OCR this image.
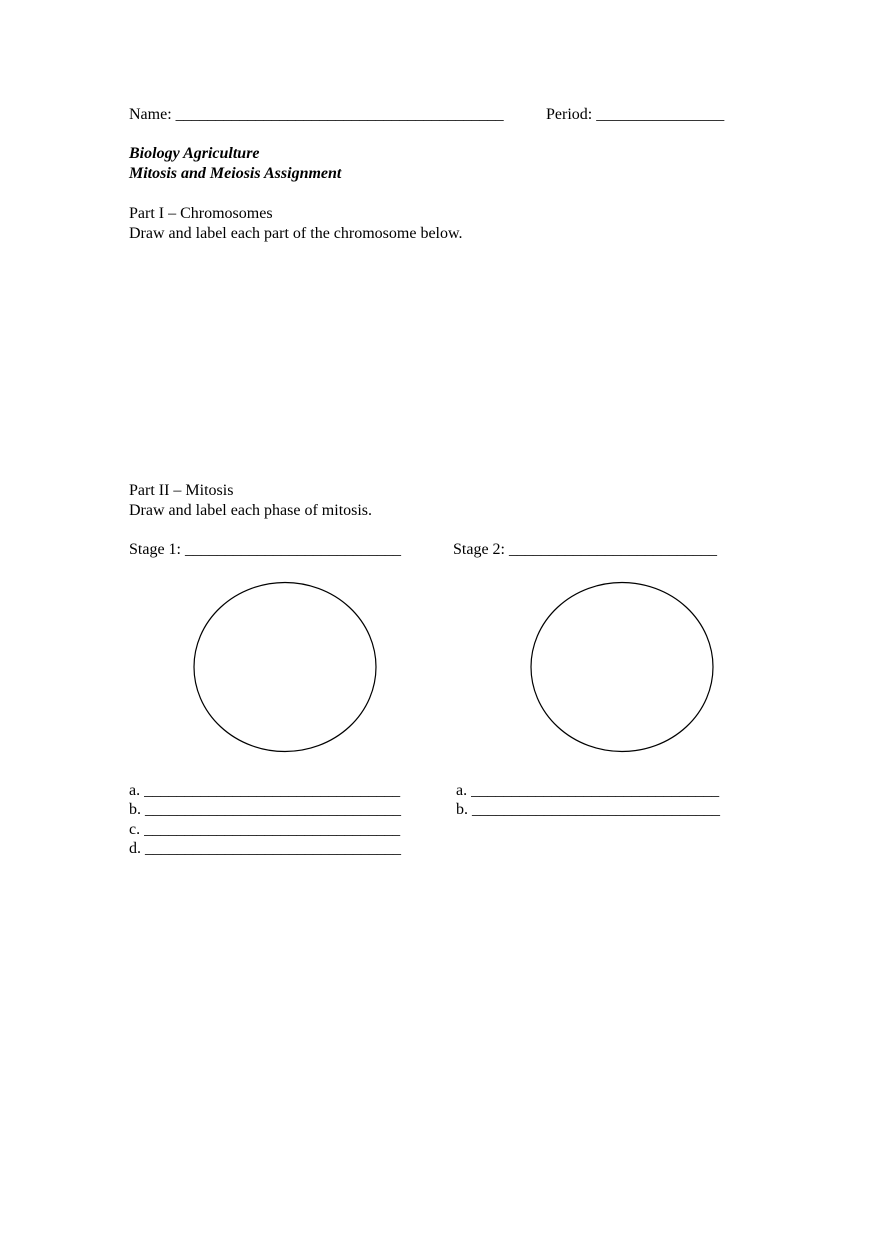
Name: _________________________________________	Period: ________________
Biology Agriculture
Mitosis and Meiosis Assignment
Part I – Chromosomes
Draw and label each part of the chromosome below.
Part II – Mitosis
Draw and label each phase of mitosis.
Stage 1: ___________________________	Stage 2: __________________________
a. ________________________________
b. ________________________________
c. ________________________________
d. ________________________________
a. _______________________________
b. _______________________________
